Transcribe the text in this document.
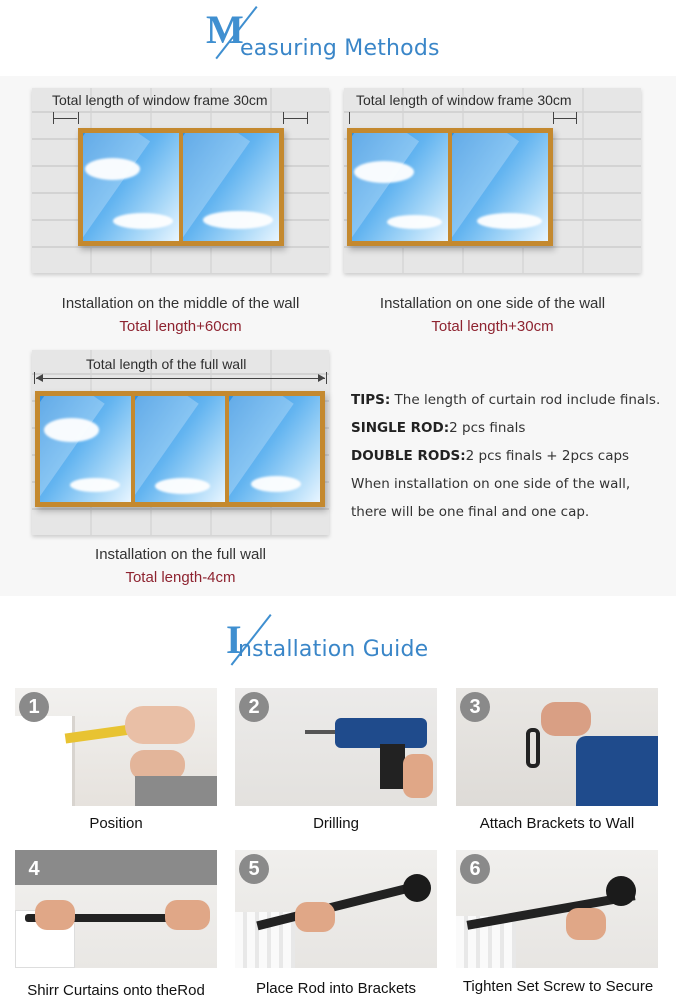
M
easuring Methods
Total length of window frame 30cm
Installation on the middle of the wall
Total length+60cm
Total length of window frame 30cm
Installation on one side of the wall
Total length+30cm
Total length of the full wall
Installation on the full wall
Total length-4cm
TIPS: The length of curtain rod include finals.
SINGLE ROD:2 pcs finals
DOUBLE RODS:2 pcs finals + 2pcs caps
When installation on one side of the wall,
there will be one final and one cap.
I
nstallation Guide
1
Position
2
Drilling
3
Attach Brackets to Wall
4
Shirr Curtains onto theRod
5
Place Rod into Brackets
6
Tighten Set Screw to Secure
